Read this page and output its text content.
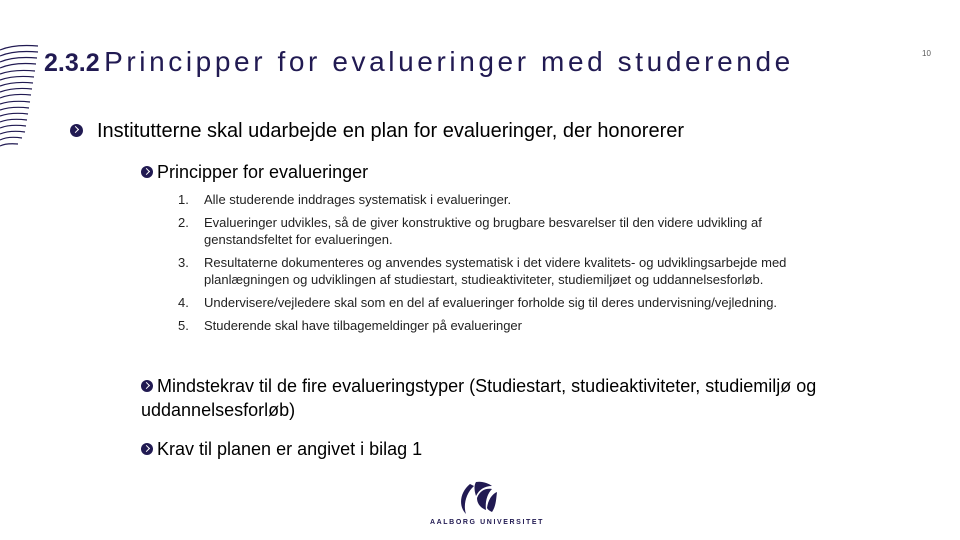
2.3.2 Principper for evalueringer med studerende	10
Institutterne skal udarbejde en plan for evalueringer, der honorerer
Principper for evalueringer
1. Alle studerende inddrages systematisk i evalueringer.
2. Evalueringer udvikles, så de giver konstruktive og brugbare besvarelser til den videre udvikling af genstandsfeltet for evalueringen.
3. Resultaterne dokumenteres og anvendes systematisk i det videre kvalitets- og udviklingsarbejde med planlægningen og udviklingen af studiestart, studieaktiviteter, studiemiljøet og uddannelsesforløb.
4. Undervisere/vejledere skal som en del af evalueringer forholde sig til deres undervisning/vejledning.
5. Studerende skal have tilbagemeldinger på evalueringer
Mindstekrav til de fire evalueringstyper (Studiestart, studieaktiviteter, studiemiljø og uddannelsesforløb)
Krav til planen er angivet i bilag 1
AALBORG UNIVERSITET
